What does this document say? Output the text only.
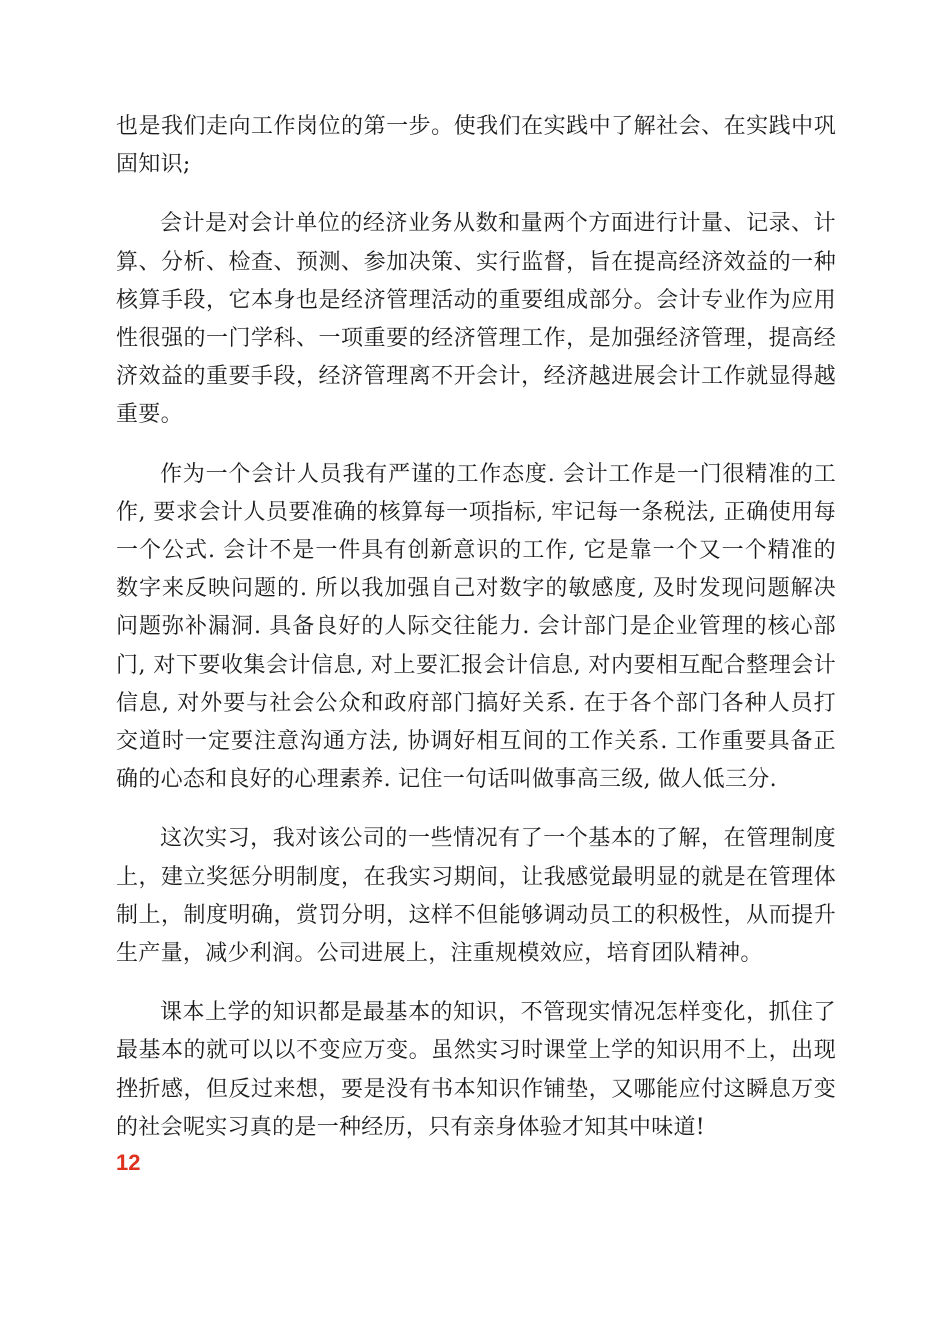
也是我们走向工作岗位的第一步。使我们在实践中了解社会、在实践中巩固知识;

会计是对会计单位的经济业务从数和量两个方面进行计量、记录、计算、分析、检查、预测、参加决策、实行监督，旨在提高经济效益的一种核算手段，它本身也是经济管理活动的重要组成部分。会计专业作为应用性很强的一门学科、一项重要的经济管理工作，是加强经济管理，提高经济效益的重要手段，经济管理离不开会计，经济越进展会计工作就显得越重要。

作为一个会计人员我有严谨的工作态度. 会计工作是一门很精准的工作, 要求会计人员要准确的核算每一项指标, 牢记每一条税法, 正确使用每一个公式. 会计不是一件具有创新意识的工作, 它是靠一个又一个精准的数字来反映问题的. 所以我加强自己对数字的敏感度, 及时发现问题解决问题弥补漏洞. 具备良好的人际交往能力. 会计部门是企业管理的核心部门, 对下要收集会计信息, 对上要汇报会计信息, 对内要相互配合整理会计信息, 对外要与社会公众和政府部门搞好关系. 在于各个部门各种人员打交道时一定要注意沟通方法, 协调好相互间的工作关系. 工作重要具备正确的心态和良好的心理素养. 记住一句话叫做事高三级, 做人低三分.

这次实习，我对该公司的一些情况有了一个基本的了解，在管理制度上，建立奖惩分明制度，在我实习期间，让我感觉最明显的就是在管理体制上，制度明确，赏罚分明，这样不但能够调动员工的积极性，从而提升生产量，减少利润。公司进展上，注重规模效应，培育团队精神。

课本上学的知识都是最基本的知识，不管现实情况怎样变化，抓住了最基本的就可以以不变应万变。虽然实习时课堂上学的知识用不上，出现挫折感，但反过来想，要是没有书本知识作铺垫，又哪能应付这瞬息万变的社会呢实习真的是一种经历，只有亲身体验才知其中味道!

12
